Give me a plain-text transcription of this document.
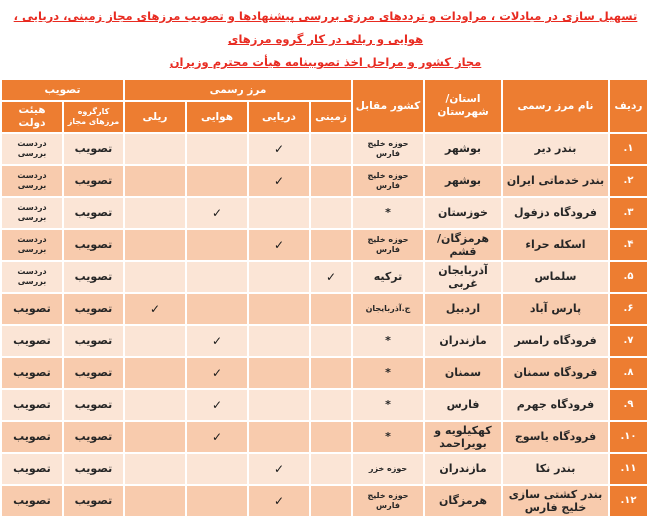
تسهیل سازی در مبادلات ، مراودات و ترددهای مرزی بررسی پیشنهادها و تصویب مرزهای مجاز زمینی، دریایی ، هوایی و ریلی در کار گروه مرزهای
مجاز کشور و مراحل اخذ تصویبنامه هیأت محترم وزیران
ردیف	نام مرز رسمی	استان/شهرستان	کشور مقابل	مرز رسمی				تصویب	
				زمینی	دریایی	هوایی	ریلی	کارگروه مرزهای مجاز	هیئت دولت
۱.	بندر دیر	بوشهر	حوزه خلیج فارس		✓			تصویب	دردست بررسی
۲.	بندر خدماتی ایران	بوشهر	حوزه خلیج فارس		✓			تصویب	دردست بررسی
۳.	فرودگاه دزفول	خوزستان	*			✓		تصویب	دردست بررسی
۴.	اسکله حراء	هرمزگان/قشم	حوزه خلیج فارس		✓			تصویب	دردست بررسی
۵.	سلماس	آذربایجان غربی	ترکیه	✓				تصویب	دردست بررسی
۶.	پارس آباد	اردبیل	ج.آذربایجان				✓	تصویب	تصویب
۷.	فرودگاه رامسر	مازندران	*			✓		تصویب	تصویب
۸.	فرودگاه سمنان	سمنان	*			✓		تصویب	تصویب
۹.	فرودگاه جهرم	فارس	*			✓		تصویب	تصویب
۱۰.	فرودگاه یاسوج	کهکیلویه و بویراحمد	*			✓		تصویب	تصویب
۱۱.	بندر نکا	مازندران	حوزه خزر		✓			تصویب	تصویب
۱۲.	بندر کشتی سازی خلیج فارس	هرمزگان	حوزه خلیج فارس		✓			تصویب	تصویب
